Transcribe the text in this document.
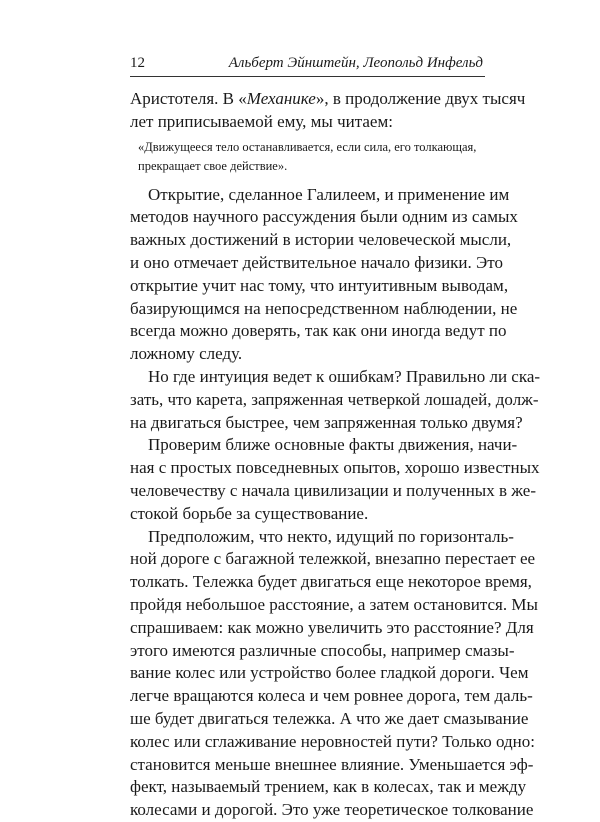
12	Альберт Эйнштейн, Леопольд Инфельд
Аристотеля. В «Механике», в продолжение двух тысяч
лет приписываемой ему, мы читаем:
«Движущееся тело останавливается, если сила, его толкающая,
прекращает свое действие».
Открытие, сделанное Галилеем, и применение им
методов научного рассуждения были одним из самых
важных достижений в истории человеческой мысли,
и оно отмечает действительное начало физики. Это
открытие учит нас тому, что интуитивным выводам,
базирующимся на непосредственном наблюдении, не
всегда можно доверять, так как они иногда ведут по
ложному следу.
Но где интуиция ведет к ошибкам? Правильно ли ска-
зать, что карета, запряженная четверкой лошадей, долж-
на двигаться быстрее, чем запряженная только двумя?
Проверим ближе основные факты движения, начи-
ная с простых повседневных опытов, хорошо известных
человечеству с начала цивилизации и полученных в же-
стокой борьбе за существование.
Предположим, что некто, идущий по горизонталь-
ной дороге с багажной тележкой, внезапно перестает ее
толкать. Тележка будет двигаться еще некоторое время,
пройдя небольшое расстояние, а затем остановится. Мы
спрашиваем: как можно увеличить это расстояние? Для
этого имеются различные способы, например смазы-
вание колес или устройство более гладкой дороги. Чем
легче вращаются колеса и чем ровнее дорога, тем даль-
ше будет двигаться тележка. А что же дает смазывание
колес или сглаживание неровностей пути? Только одно:
становится меньше внешнее влияние. Уменьшается эф-
фект, называемый трением, как в колесах, так и между
колесами и дорогой. Это уже теоретическое толкование
